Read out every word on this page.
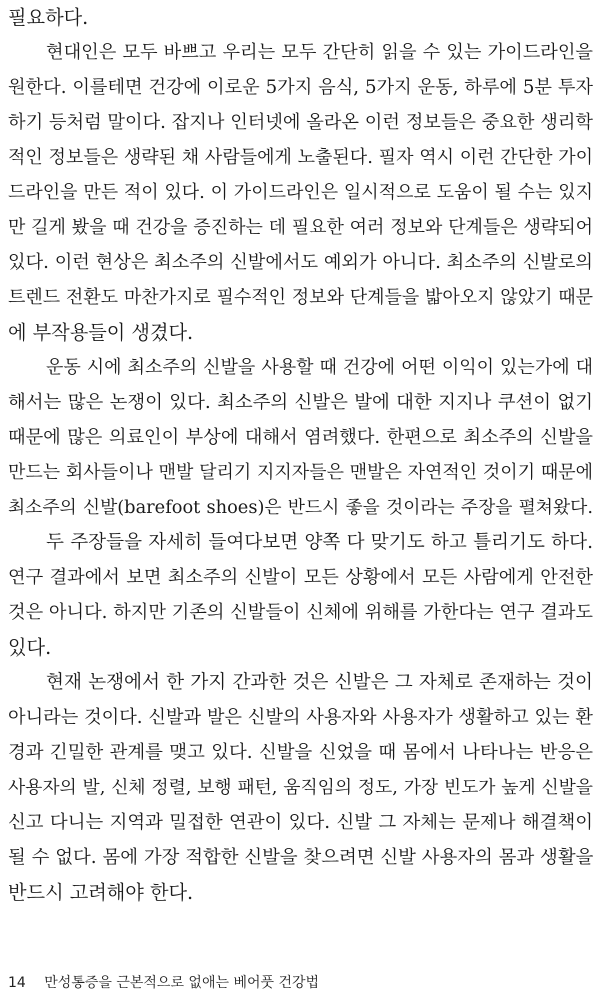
필요하다.
현대인은 모두 바쁘고 우리는 모두 간단히 읽을 수 있는 가이드라인을
원한다. 이를테면 건강에 이로운 5가지 음식, 5가지 운동, 하루에 5분 투자
하기 등처럼 말이다. 잡지나 인터넷에 올라온 이런 정보들은 중요한 생리학
적인 정보들은 생략된 채 사람들에게 노출된다. 필자 역시 이런 간단한 가이
드라인을 만든 적이 있다. 이 가이드라인은 일시적으로 도움이 될 수는 있지
만 길게 봤을 때 건강을 증진하는 데 필요한 여러 정보와 단계들은 생략되어
있다. 이런 현상은 최소주의 신발에서도 예외가 아니다. 최소주의 신발로의
트렌드 전환도 마찬가지로 필수적인 정보와 단계들을 밟아오지 않았기 때문
에 부작용들이 생겼다.
운동 시에 최소주의 신발을 사용할 때 건강에 어떤 이익이 있는가에 대
해서는 많은 논쟁이 있다. 최소주의 신발은 발에 대한 지지나 쿠션이 없기
때문에 많은 의료인이 부상에 대해서 염려했다. 한편으로 최소주의 신발을
만드는 회사들이나 맨발 달리기 지지자들은 맨발은 자연적인 것이기 때문에
최소주의 신발(barefoot shoes)은 반드시 좋을 것이라는 주장을 펼쳐왔다.
두 주장들을 자세히 들여다보면 양쪽 다 맞기도 하고 틀리기도 하다.
연구 결과에서 보면 최소주의 신발이 모든 상황에서 모든 사람에게 안전한
것은 아니다. 하지만 기존의 신발들이 신체에 위해를 가한다는 연구 결과도
있다.
현재 논쟁에서 한 가지 간과한 것은 신발은 그 자체로 존재하는 것이
아니라는 것이다. 신발과 발은 신발의 사용자와 사용자가 생활하고 있는 환
경과 긴밀한 관계를 맺고 있다. 신발을 신었을 때 몸에서 나타나는 반응은
사용자의 발, 신체 정렬, 보행 패턴, 움직임의 정도, 가장 빈도가 높게 신발을
신고 다니는 지역과 밀접한 연관이 있다. 신발 그 자체는 문제나 해결책이
될 수 없다. 몸에 가장 적합한 신발을 찾으려면 신발 사용자의 몸과 생활을
반드시 고려해야 한다.
14 만성통증을 근본적으로 없애는 베어풋 건강법
